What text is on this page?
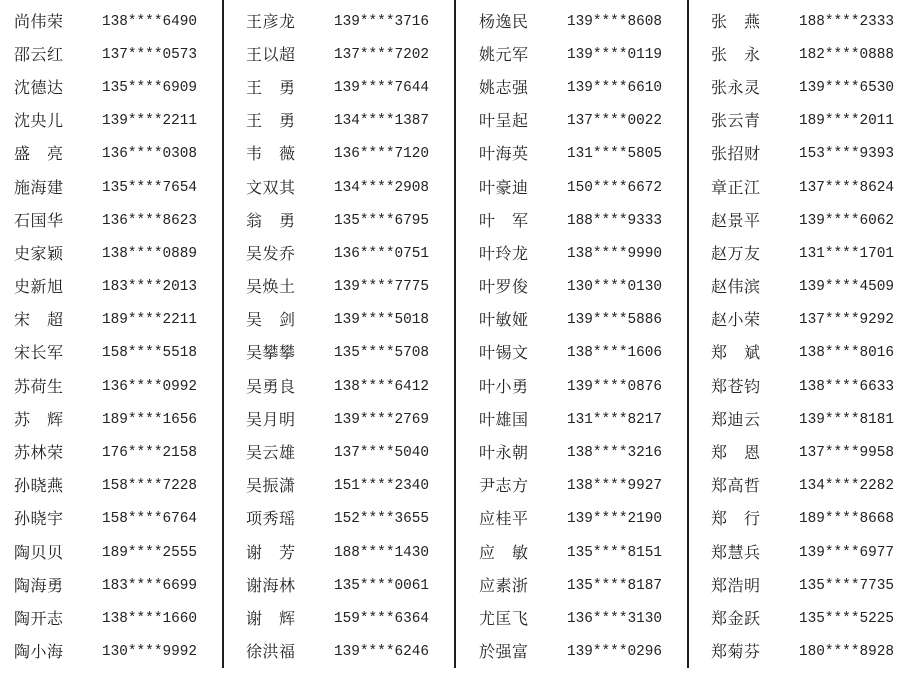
尚伟荣	138****6490
邵云红	137****0573
沈德达	135****6909
沈央儿	139****2211
盛 亮	136****0308
施海建	135****7654
石国华	136****8623
史家颖	138****0889
史新旭	183****2013
宋 超	189****2211
宋长军	158****5518
苏荷生	136****0992
苏 辉	189****1656
苏林荣	176****2158
孙晓燕	158****7228
孙晓宇	158****6764
陶贝贝	189****2555
陶海勇	183****6699
陶开志	138****1660
陶小海	130****9992
王彦龙	139****3716
王以超	137****7202
王 勇	139****7644
王 勇	134****1387
韦 薇	136****7120
文双其	134****2908
翁 勇	135****6795
吴发乔	136****0751
吴焕土	139****7775
吴 剑	139****5018
吴攀攀	135****5708
吴勇良	138****6412
吴月明	139****2769
吴云雄	137****5040
吴振潇	151****2340
项秀瑶	152****3655
谢 芳	188****1430
谢海林	135****0061
谢 辉	159****6364
徐洪福	139****6246
杨逸民	139****8608
姚元军	139****0119
姚志强	139****6610
叶呈起	137****0022
叶海英	131****5805
叶豪迪	150****6672
叶 军	188****9333
叶玲龙	138****9990
叶罗俊	130****0130
叶敏娅	139****5886
叶锡文	138****1606
叶小勇	139****0876
叶雄国	131****8217
叶永朝	138****3216
尹志方	138****9927
应桂平	139****2190
应 敏	135****8151
应素浙	135****8187
尤匡飞	136****3130
於强富	139****0296
张 燕	188****2333
张 永	182****0888
张永灵	139****6530
张云青	189****2011
张招财	153****9393
章正江	137****8624
赵景平	139****6062
赵万友	131****1701
赵伟滨	139****4509
赵小荣	137****9292
郑 斌	138****8016
郑苍钧	138****6633
郑迪云	139****8181
郑 恩	137****9958
郑高哲	134****2282
郑 行	189****8668
郑慧兵	139****6977
郑浩明	135****7735
郑金跃	135****5225
郑菊芬	180****8928
